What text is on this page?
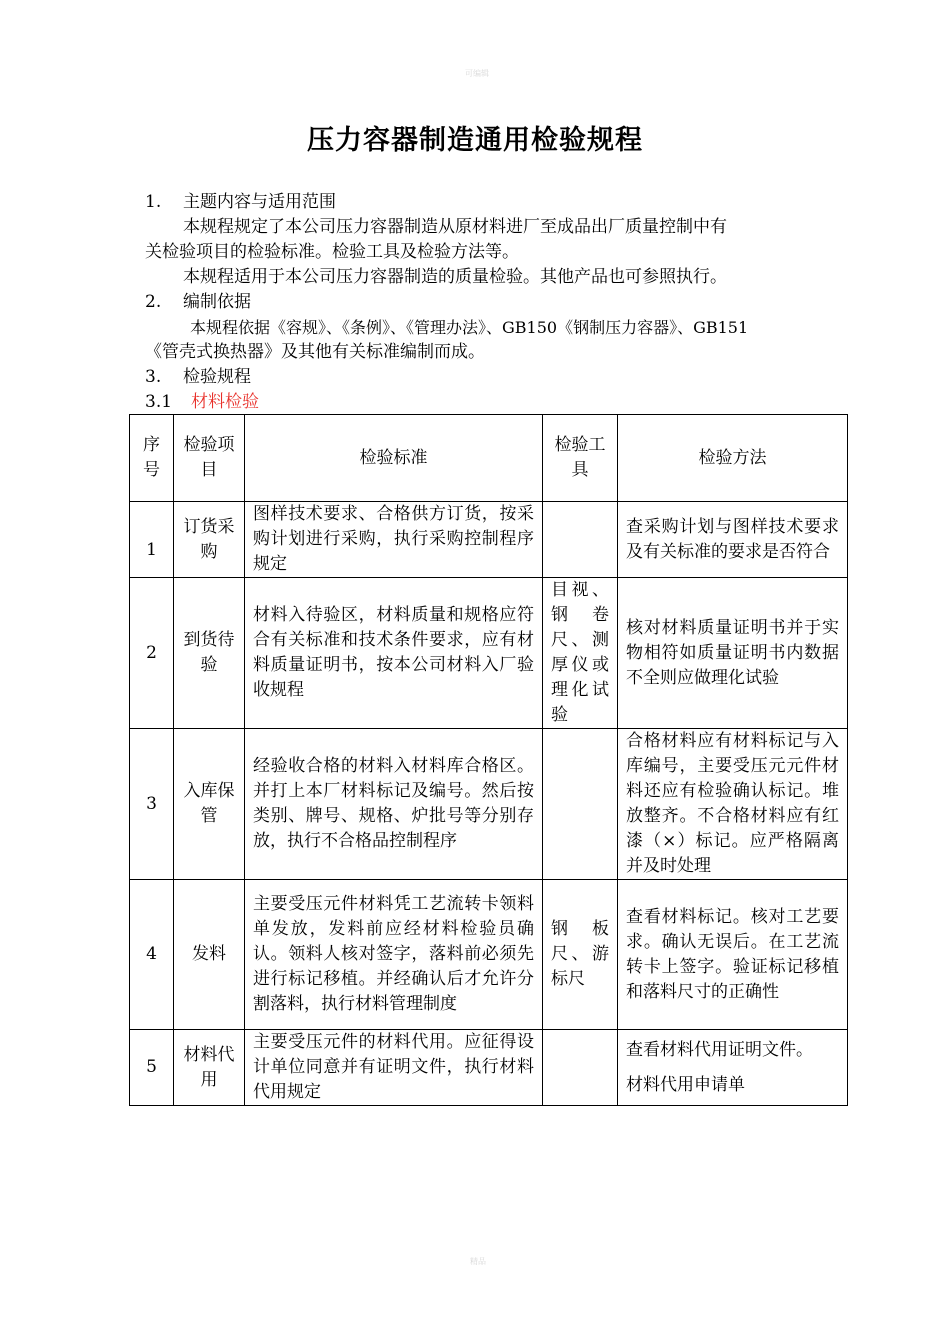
可编辑
压力容器制造通用检验规程
1. 主题内容与适用范围
本规程规定了本公司压力容器制造从原材料进厂至成品出厂质量控制中有
关检验项目的检验标准。检验工具及检验方法等。
本规程适用于本公司压力容器制造的质量检验。其他产品也可参照执行。
2. 编制依据
本规程依据《容规》、《条例》、《管理办法》、GB150《钢制压力容器》、GB151
《管壳式换热器》及其他有关标准编制而成。
3. 检验规程
3.1 材料检验
序号	检验项目	检验标准	检验工具	检验方法
1	订货采购	图样技术要求、合格供方订货，按采购计划进行采购，执行采购控制程序规定		查采购计划与图样技术要求及有关标准的要求是否符合
2	到货待验	材料入待验区，材料质量和规格应符合有关标准和技术条件要求，应有材料质量证明书，按本公司材料入厂验收规程	目视、钢卷尺、测厚仪或理化试验	核对材料质量证明书并于实物相符如质量证明书内数据不全则应做理化试验
3	入库保管	经验收合格的材料入材料库合格区。并打上本厂材料标记及编号。然后按类别、牌号、规格、炉批号等分别存放，执行不合格品控制程序		合格材料应有材料标记与入库编号，主要受压元元件材料还应有检验确认标记。堆放整齐。不合格材料应有红漆（×）标记。应严格隔离并及时处理
4	发料	主要受压元件材料凭工艺流转卡领料单发放，发料前应经材料检验员确认。领料人核对签字，落料前必须先进行标记移植。并经确认后才允许分割落料，执行材料管理制度	钢板尺、游标尺	查看材料标记。核对工艺要求。确认无误后。在工艺流转卡上签字。验证标记移植和落料尺寸的正确性
5	材料代用	主要受压元件的材料代用。应征得设计单位同意并有证明文件，执行材料代用规定		查看材料代用证明文件。
材料代用申请单
精品
